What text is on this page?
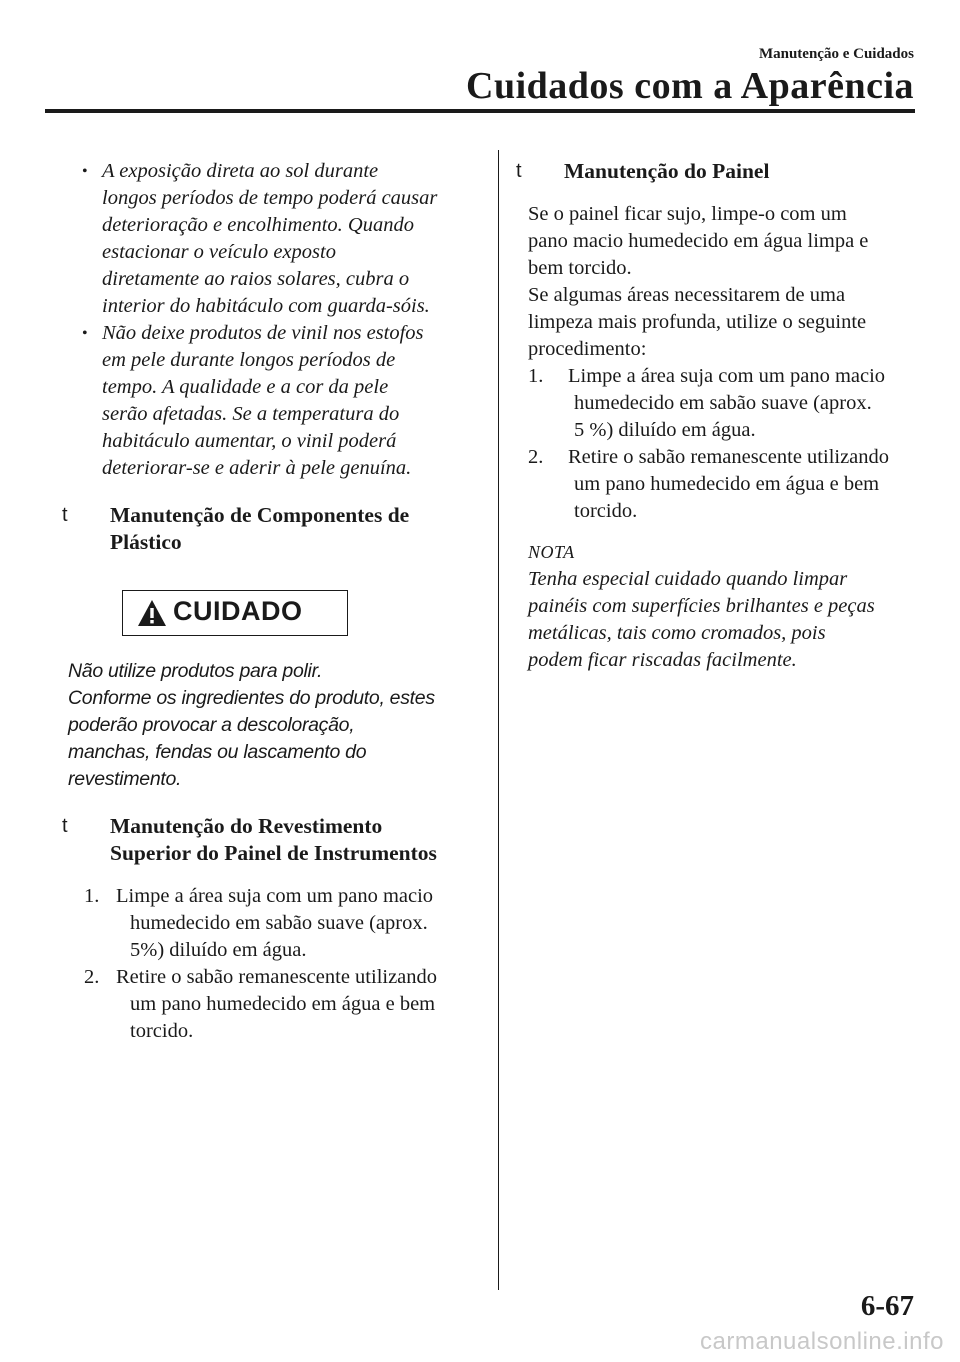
Manutenção e Cuidados
Cuidados com a Aparência
• A exposição direta ao sol durante
longos períodos de tempo poderá causar
deterioração e encolhimento. Quando
estacionar o veículo exposto
diretamente ao raios solares, cubra o
interior do habitáculo com guarda-sóis.
• Não deixe produtos de vinil nos estofos
em pele durante longos períodos de
tempo. A qualidade e a cor da pele
serão afetadas. Se a temperatura do
habitáculo aumentar, o vinil poderá
deteriorar-se e aderir à pele genuína.
t Manutenção de Componentes de
Plástico
CUIDADO
Não utilize produtos para polir.
Conforme os ingredientes do produto, estes
poderão provocar a descoloração,
manchas, fendas ou lascamento do
revestimento.
t Manutenção do Revestimento
Superior do Painel de Instrumentos
1. Limpe a área suja com um pano macio
humedecido em sabão suave (aprox.
5%) diluído em água.
2. Retire o sabão remanescente utilizando
um pano humedecido em água e bem
torcido.
t Manutenção do Painel
Se o painel ficar sujo, limpe-o com um
pano macio humedecido em água limpa e
bem torcido.
Se algumas áreas necessitarem de uma
limpeza mais profunda, utilize o seguinte
procedimento:
1. Limpe a área suja com um pano macio
humedecido em sabão suave (aprox.
5 %) diluído em água.
2. Retire o sabão remanescente utilizando
um pano humedecido em água e bem
torcido.
NOTA
Tenha especial cuidado quando limpar
painéis com superfícies brilhantes e peças
metálicas, tais como cromados, pois
podem ficar riscadas facilmente.
6-67
carmanualsonline.info
